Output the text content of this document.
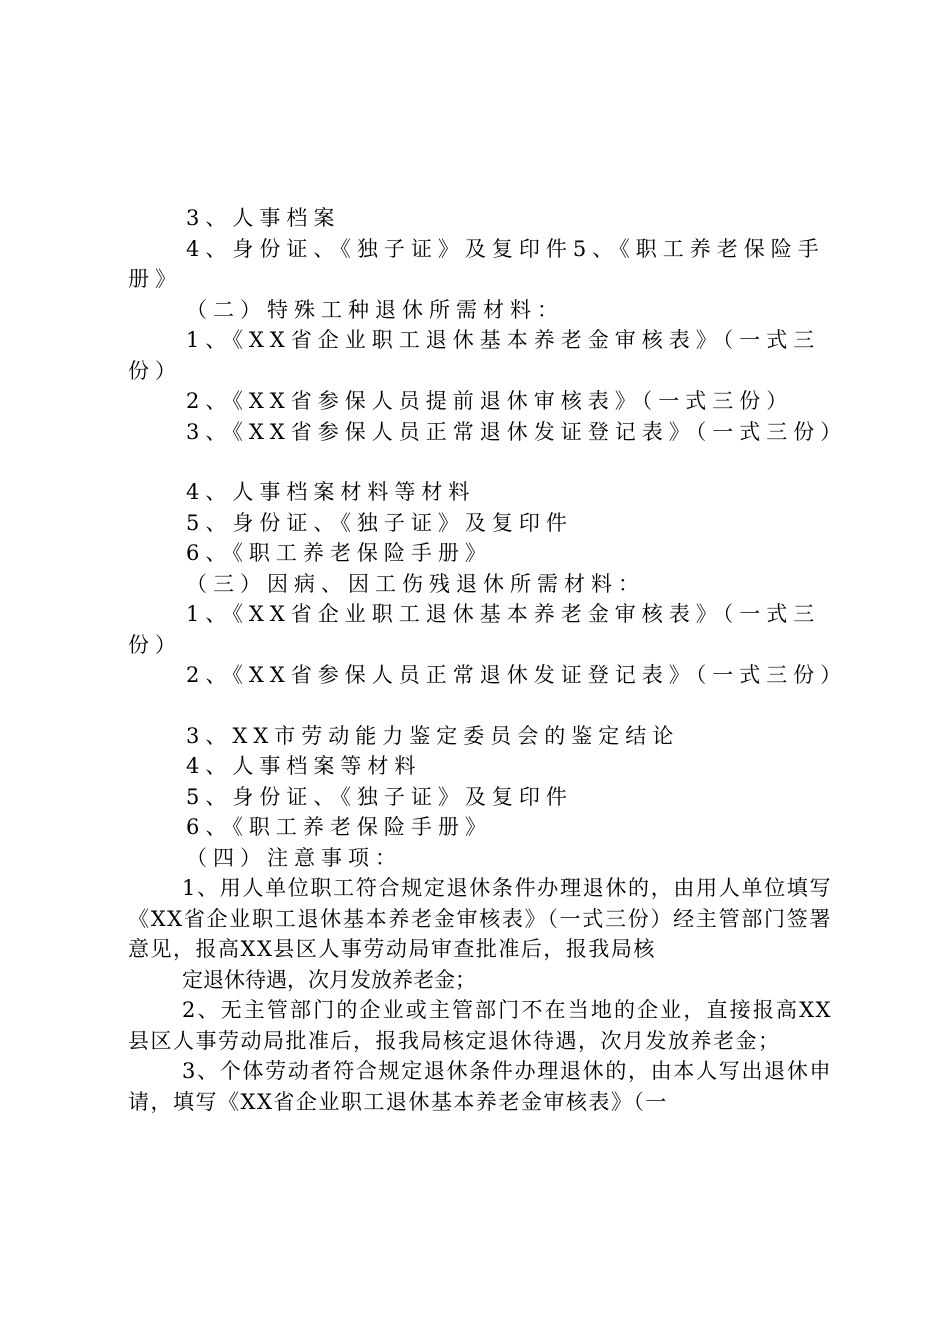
3、人事档案
4、身份证、《独子证》及复印件5、《职工养老保险手
册》
（二）特殊工种退休所需材料：
1、《XX省企业职工退休基本养老金审核表》（一式三
份）
2、《XX省参保人员提前退休审核表》（一式三份）
3、《XX省参保人员正常退休发证登记表》（一式三份）
4、人事档案材料等材料
5、身份证、《独子证》及复印件
6、《职工养老保险手册》
（三）因病、因工伤残退休所需材料：
1、《XX省企业职工退休基本养老金审核表》（一式三
份）
2、《XX省参保人员正常退休发证登记表》（一式三份）
3、XX市劳动能力鉴定委员会的鉴定结论
4、人事档案等材料
5、身份证、《独子证》及复印件
6、《职工养老保险手册》
（四）注意事项：
1、用人单位职工符合规定退休条件办理退休的，由用人单位填写《XX省企业职工退休基本养老金审核表》（一式三份）经主管部门签署意见，报高XX县区人事劳动局审查批准后，报我局核
定退休待遇，次月发放养老金；
2、无主管部门的企业或主管部门不在当地的企业，直接报高XX县区人事劳动局批准后，报我局核定退休待遇，次月发放养老金；
3、个体劳动者符合规定退休条件办理退休的，由本人写出退休申请，填写《XX省企业职工退休基本养老金审核表》（一
